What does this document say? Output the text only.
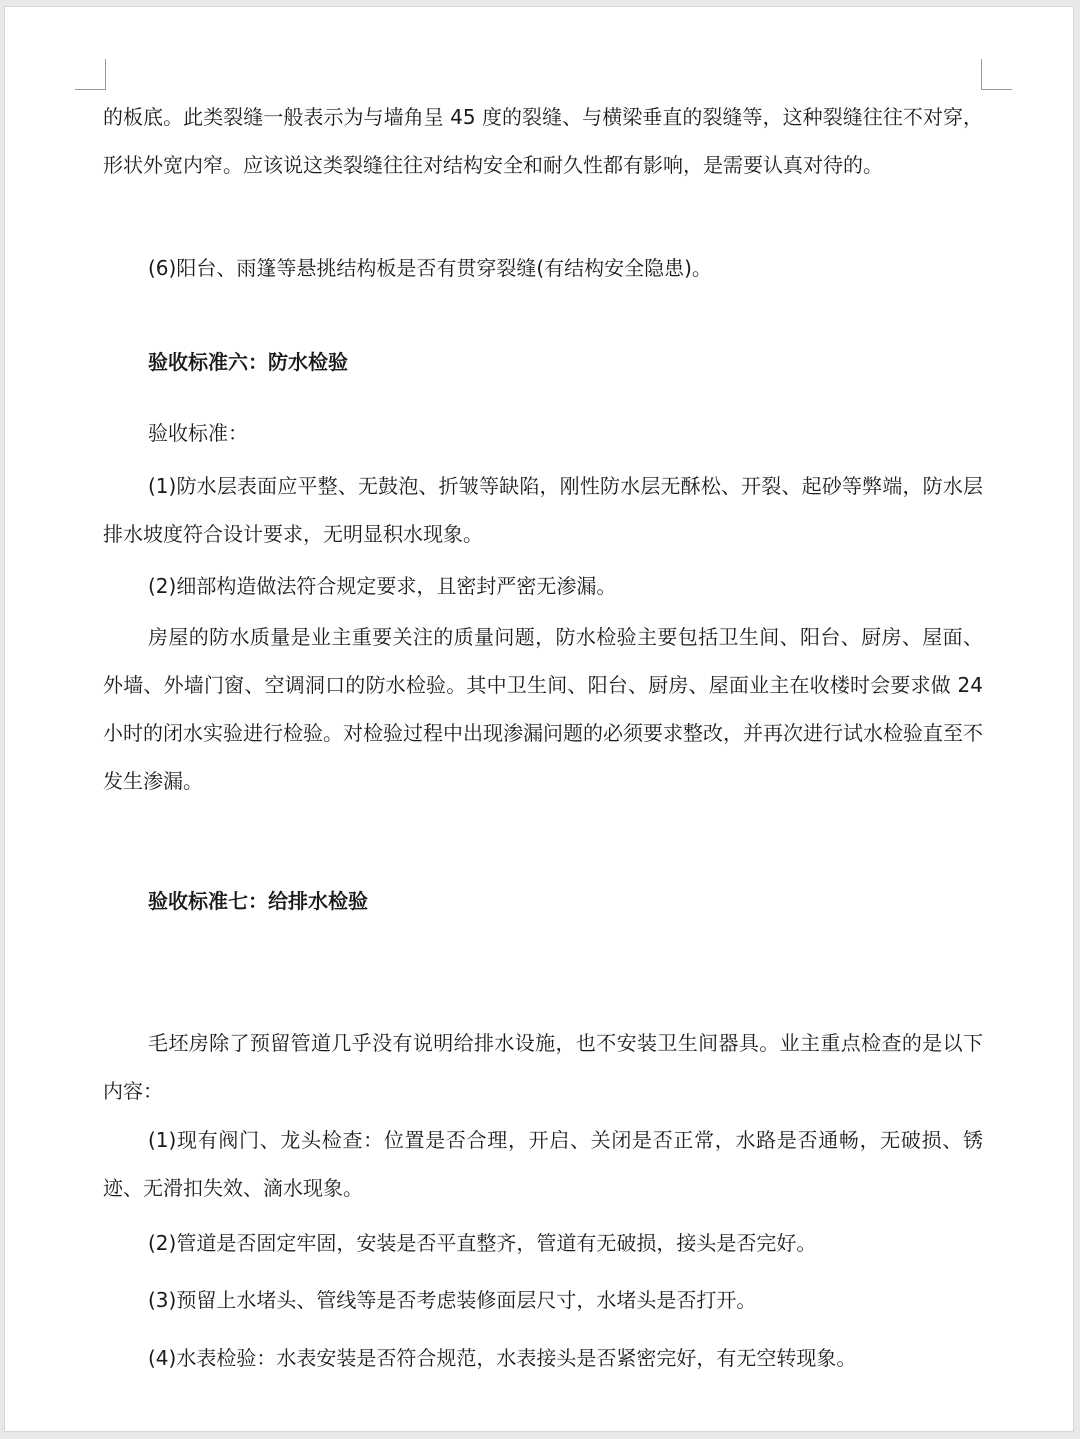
的板底。此类裂缝一般表示为与墙角呈 45 度的裂缝、与横梁垂直的裂缝等，这种裂缝往往不对穿，形状外宽内窄。应该说这类裂缝往往对结构安全和耐久性都有影响，是需要认真对待的。

(6)阳台、雨篷等悬挑结构板是否有贯穿裂缝(有结构安全隐患)。

验收标准六：防水检验

验收标准：

(1)防水层表面应平整、无鼓泡、折皱等缺陷，刚性防水层无酥松、开裂、起砂等弊端，防水层排水坡度符合设计要求，无明显积水现象。

(2)细部构造做法符合规定要求，且密封严密无渗漏。

房屋的防水质量是业主重要关注的质量问题，防水检验主要包括卫生间、阳台、厨房、屋面、外墙、外墙门窗、空调洞口的防水检验。其中卫生间、阳台、厨房、屋面业主在收楼时会要求做 24 小时的闭水实验进行检验。对检验过程中出现渗漏问题的必须要求整改，并再次进行试水检验直至不发生渗漏。

验收标准七：给排水检验

毛坯房除了预留管道几乎没有说明给排水设施，也不安装卫生间器具。业主重点检查的是以下内容：

(1)现有阀门、龙头检查：位置是否合理，开启、关闭是否正常，水路是否通畅，无破损、锈迹、无滑扣失效、滴水现象。

(2)管道是否固定牢固，安装是否平直整齐，管道有无破损，接头是否完好。

(3)预留上水堵头、管线等是否考虑装修面层尺寸，水堵头是否打开。

(4)水表检验：水表安装是否符合规范，水表接头是否紧密完好，有无空转现象。
